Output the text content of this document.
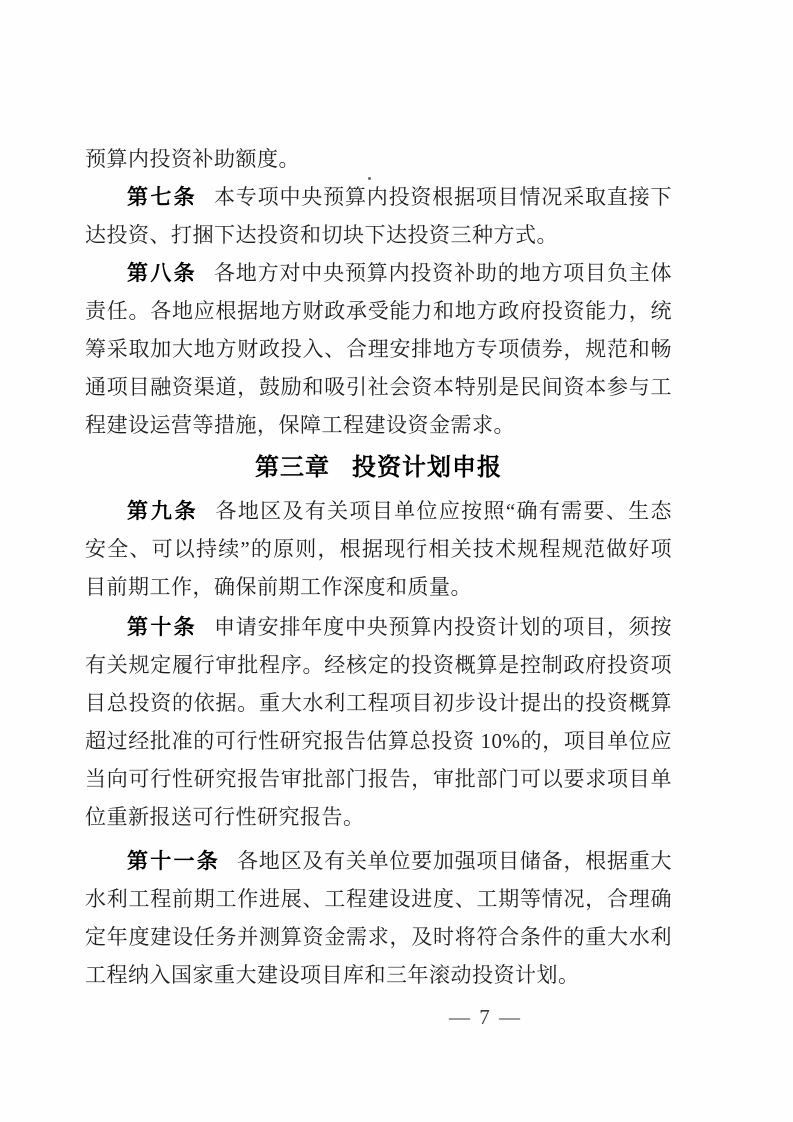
预算内投资补助额度。

第七条 本专项中央预算内投资根据项目情况采取直接下达投资、打捆下达投资和切块下达投资三种方式。

第八条 各地方对中央预算内投资补助的地方项目负主体责任。各地应根据地方财政承受能力和地方政府投资能力，统筹采取加大地方财政投入、合理安排地方专项债券，规范和畅通项目融资渠道，鼓励和吸引社会资本特别是民间资本参与工程建设运营等措施，保障工程建设资金需求。

第三章 投资计划申报

第九条 各地区及有关项目单位应按照“确有需要、生态安全、可以持续”的原则，根据现行相关技术规程规范做好项目前期工作，确保前期工作深度和质量。

第十条 申请安排年度中央预算内投资计划的项目，须按有关规定履行审批程序。经核定的投资概算是控制政府投资项目总投资的依据。重大水利工程项目初步设计提出的投资概算超过经批准的可行性研究报告估算总投资 10%的，项目单位应当向可行性研究报告审批部门报告，审批部门可以要求项目单位重新报送可行性研究报告。

第十一条 各地区及有关单位要加强项目储备，根据重大水利工程前期工作进展、工程建设进度、工期等情况，合理确定年度建设任务并测算资金需求，及时将符合条件的重大水利工程纳入国家重大建设项目库和三年滚动投资计划。

— 7 —
